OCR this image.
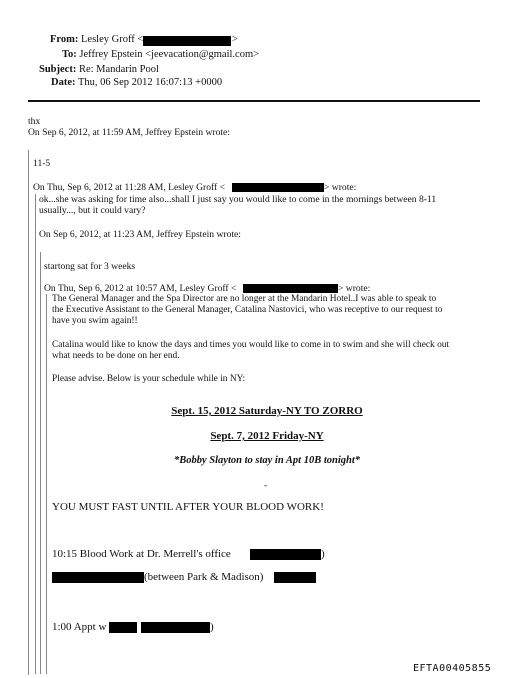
From: Lesley Groff <	>
To: Jeffrey Epstein <jeevacation@gmail.com>
Subject: Re: Mandarin Pool
Date: Thu, 06 Sep 2012 16:07:13 +0000
thx
On Sep 6, 2012, at 11:59 AM, Jeffrey Epstein wrote:
11-5
On Thu, Sep 6, 2012 at 11:28 AM, Lesley Groff <	> wrote:
ok...she was asking for time also...shall I just say you would like to come in the mornings between 8-11
usually..., but it could vary?
On Sep 6, 2012, at 11:23 AM, Jeffrey Epstein wrote:
startong sat for 3 weeks
On Thu, Sep 6, 2012 at 10:57 AM, Lesley Groff <	> wrote:
The General Manager and the Spa Director are no longer at the Mandarin Hotel..I was able to speak to
the Executive Assistant to the General Manager, Catalina Nastovici, who was receptive to our request to
have you swim again!!
Catalina would like to know the days and times you would like to come in to swim and she will check out
what needs to be done on her end.
Please advise. Below is your schedule while in NY:
Sept. 15, 2012 Saturday-NY TO ZORRO
Sept. 7, 2012 Friday-NY
*Bobby Slayton to stay in Apt 10B tonight*
-
YOU MUST FAST UNTIL AFTER YOUR BLOOD WORK!
10:15 Blood Work at Dr. Merrell's office	)
(between Park & Madison)
1:00 Appt w	)
EFTA00405855
